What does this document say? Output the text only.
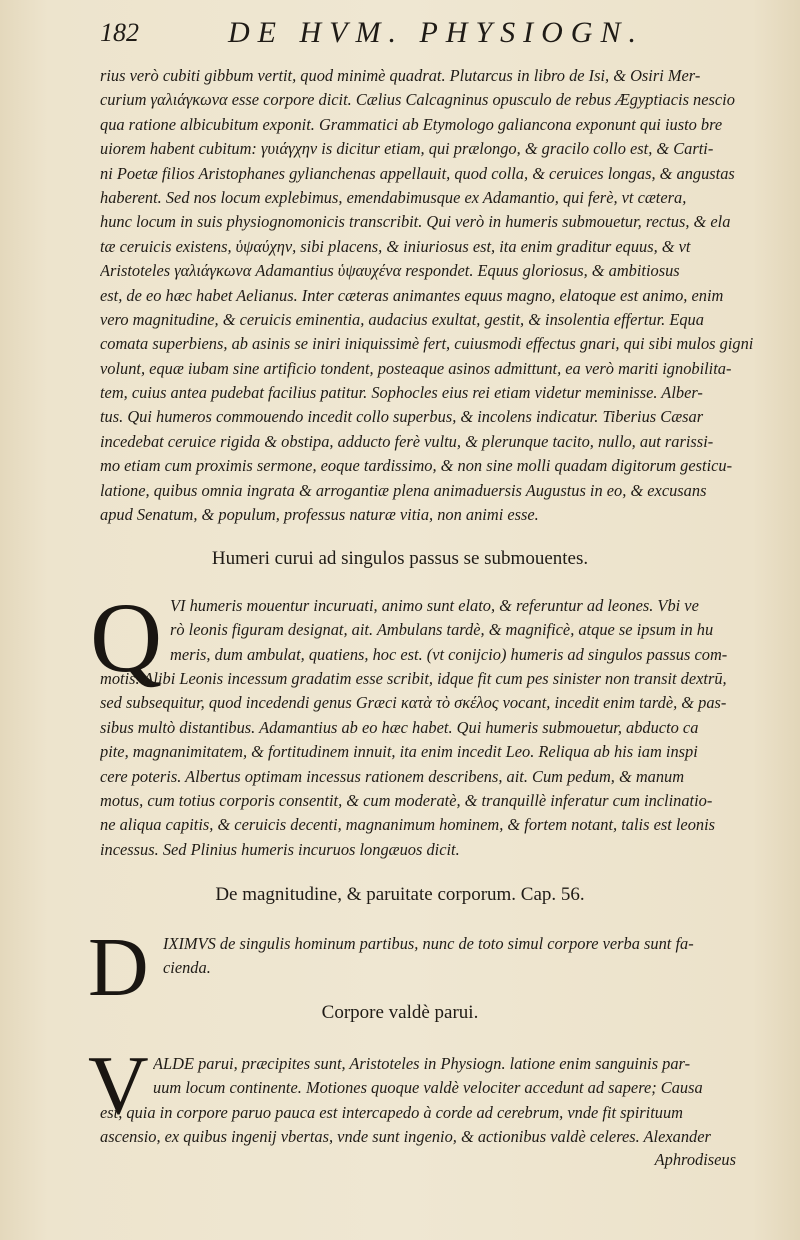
182	DE HVM. PHYSIOGN.
rius verò cubiti gibbum vertit, quod minimè quadrat. Plutarcus in libro de Isi, & Osiri Mer-
curium γαλιάγκωνα esse corpore dicit. Cælius Calcagninus opusculo de rebus Ægyptiacis nescio
qua ratione albicubitum exponit. Grammatici ab Etymologo galiancona exponunt qui iusto bre
uiorem habent cubitum: γυιάγχην is dicitur etiam, qui prælongo, & gracilo collo est, & Carti-
ni Poetæ filios Aristophanes gylianchenas appellauit, quod colla, & ceruices longas, & angustas
haberent. Sed nos locum explebimus, emendabimusque ex Adamantio, qui ferè, vt cætera,
hunc locum in suis physiognomonicis transcribit. Qui verò in humeris submouetur, rectus, & ela
tæ ceruicis existens, ὑψαύχην, sibi placens, & iniuriosus est, ita enim graditur equus, & vt
Aristoteles γαλιάγκωνα Adamantius ὑψαυχένα respondet. Equus gloriosus, & ambitiosus
est, de eo hæc habet Aelianus. Inter cæteras animantes equus magno, elatoque est animo, enim
vero magnitudine, & ceruicis eminentia, audacius exultat, gestit, & insolentia effertur. Equa
comata superbiens, ab asinis se iniri iniquissimè fert, cuiusmodi effectus gnari, qui sibi mulos gigni
volunt, equæ iubam sine artificio tondent, posteaque asinos admittunt, ea verò mariti ignobilita-
tem, cuius antea pudebat facilius patitur. Sophocles eius rei etiam videtur meminisse. Alber-
tus. Qui humeros commouendo incedit collo superbus, & incolens indicatur. Tiberius Cæsar
incedebat ceruice rigida & obstipa, adducto ferè vultu, & plerunque tacito, nullo, aut rarissi-
mo etiam cum proximis sermone, eoque tardissimo, & non sine molli quadam digitorum gesticu-
latione, quibus omnia ingrata & arrogantiæ plena animaduersis Augustus in eo, & excusans
apud Senatum, & populum, professus naturæ vitia, non animi esse.
Humeri curui ad singulos passus se submouentes.
Q VI humeris mouentur incuruati, animo sunt elato, & referuntur ad leones. Vbi ve
rò leonis figuram designat, ait. Ambulans tardè, & magnificè, atque se ipsum in hu
meris, dum ambulat, quatiens, hoc est. (vt conijcio) humeris ad singulos passus com-
motis. Alibi Leonis incessum gradatim esse scribit, idque fit cum pes sinister non transit dextrū,
sed subsequitur, quod incedendi genus Græci κατὰ τὸ σκέλος vocant, incedit enim tardè, & pas-
sibus multò distantibus. Adamantius ab eo hæc habet. Qui humeris submouetur, abducto ca
pite, magnanimitatem, & fortitudinem innuit, ita enim incedit Leo. Reliqua ab his iam inspi
cere poteris. Albertus optimam incessus rationem describens, ait. Cum pedum, & manum
motus, cum totius corporis consentit, & cum moderatè, & tranquillè inferatur cum inclinatio-
ne aliqua capitis, & ceruicis decenti, magnanimum hominem, & fortem notant, talis est leonis
incessus. Sed Plinius humeris incuruos longæuos dicit.
De magnitudine, & paruitate corporum. Cap. 56.
D IXIMVS de singulis hominum partibus, nunc de toto simul corpore verba sunt fa-
cienda.
Corpore valdè parui.
V ALDE parui, præcipites sunt, Aristoteles in Physiogn. latione enim sanguinis par-
uum locum continente. Motiones quoque valdè velociter accedunt ad sapere; Causa
est, quia in corpore paruo pauca est intercapedo à corde ad cerebrum, vnde fit spirituum
ascensio, ex quibus ingenij vbertas, vnde sunt ingenio, & actionibus valdè celeres. Alexander
Aphrodiseus
